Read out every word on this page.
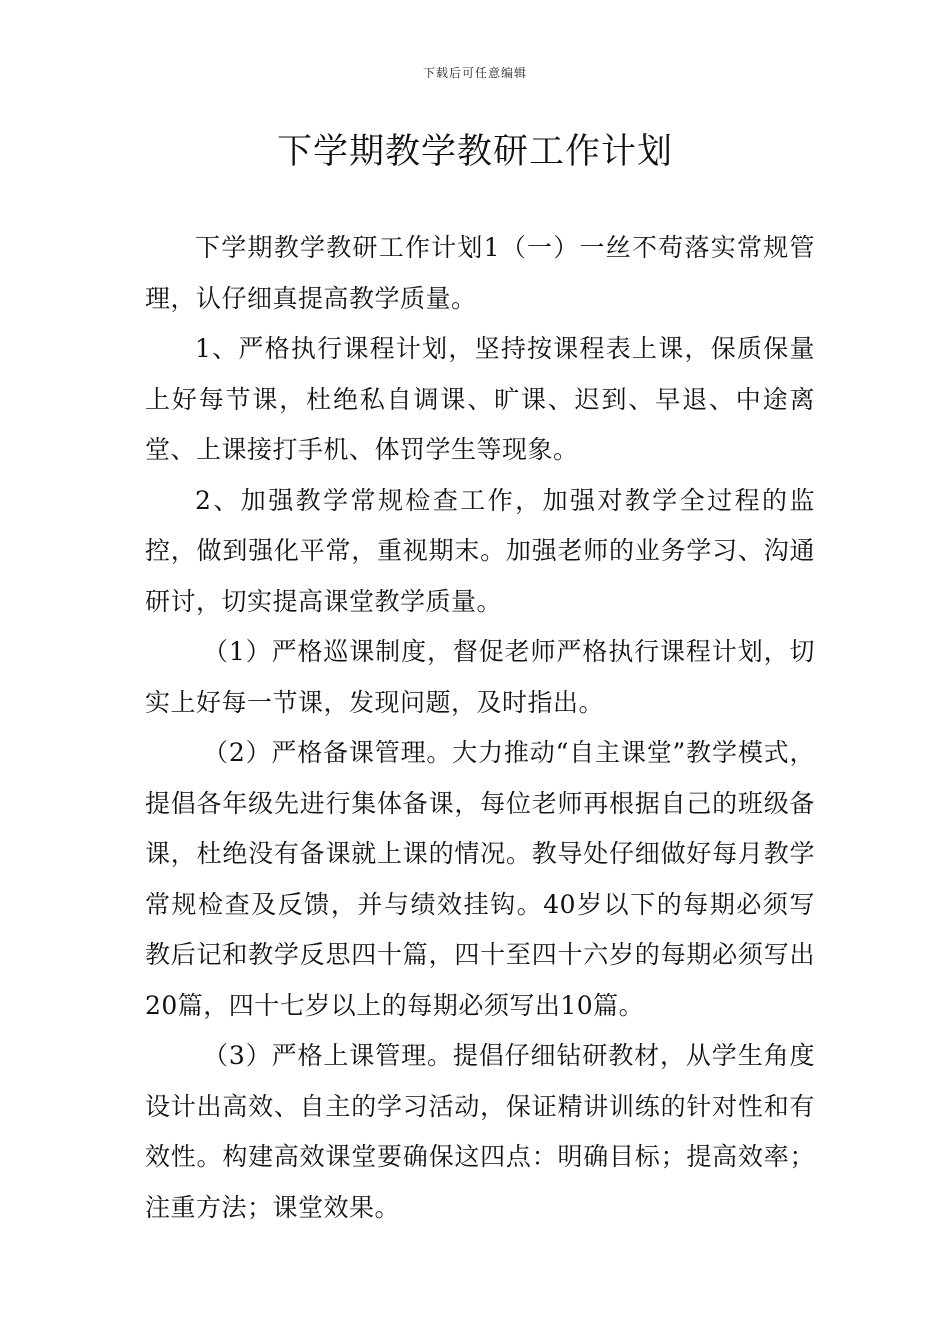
下载后可任意编辑
下学期教学教研工作计划

下学期教学教研工作计划1（一）一丝不苟落实常规管理，认仔细真提高教学质量。

1、严格执行课程计划，坚持按课程表上课，保质保量上好每节课，杜绝私自调课、旷课、迟到、早退、中途离堂、上课接打手机、体罚学生等现象。

2、加强教学常规检查工作，加强对教学全过程的监控，做到强化平常，重视期末。加强老师的业务学习、沟通研讨，切实提高课堂教学质量。

（1）严格巡课制度，督促老师严格执行课程计划，切实上好每一节课，发现问题，及时指出。

（2）严格备课管理。大力推动“自主课堂”教学模式，提倡各年级先进行集体备课，每位老师再根据自己的班级备课，杜绝没有备课就上课的情况。教导处仔细做好每月教学常规检查及反馈，并与绩效挂钩。40岁以下的每期必须写教后记和教学反思四十篇，四十至四十六岁的每期必须写出20篇，四十七岁以上的每期必须写出10篇。

（3）严格上课管理。提倡仔细钻研教材，从学生角度设计出高效、自主的学习活动，保证精讲训练的针对性和有效性。构建高效课堂要确保这四点：明确目标；提高效率；注重方法；课堂效果。
